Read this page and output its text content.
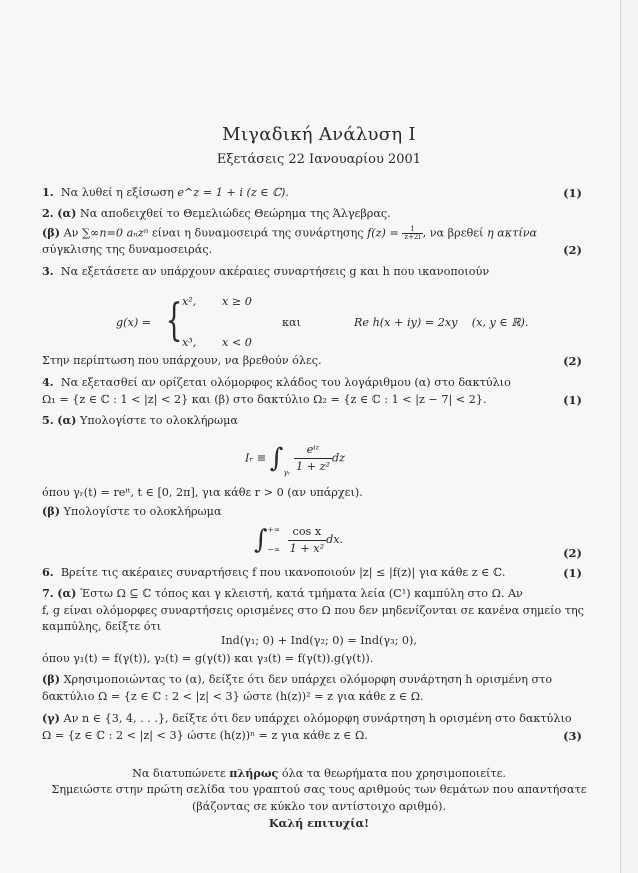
Μιγαδική Ανάλυση Ι
Εξετάσεις 22 Ιανουαρίου 2001
1. Να λυθεί η εξίσωση e^z = 1 + i (z ∈ ℂ).	(1)
2. (α) Να αποδειχθεί το Θεμελιώδες Θεώρημα της Άλγεβρας.
(β) Αν ∑∞n=0 aₙzⁿ είναι η δυναμοσειρά της συνάρτησης $f(z) = \frac{1}{z+2i}$ , να βρεθεί η ακτίνα
σύγκλισης της δυναμοσειράς.	(2)
3. Να εξετάσετε αν υπάρχουν ακέραιες συναρτήσεις g και h που ικανοποιούν
g(x) = { x², x ≥ 0
x³, x < 0
και	Re h(x + iy) = 2xy (x, y ∈ ℝ).
Στην περίπτωση που υπάρχουν, να βρεθούν όλες.	(2)
4. Να εξετασθεί αν ορίζεται ολόμορφος κλάδος του λογάριθμου (α) στο δακτύλιο
Ω₁ = {z ∈ ℂ : 1 < |z| < 2} και (β) στο δακτύλιο Ω₂ = {z ∈ ℂ : 1 < |z − 7| < 2}.	(1)
5. (α) Υπολογίστε το ολοκλήρωμα
Iᵣ ≡ $\int_{\gamma ᵣ} \frac{\text{eⁱᶻ}}{\text{1 + z²}}$ dz
όπου γᵣ(t) = reⁱᵗ, t ∈ [0, 2π], για κάθε r > 0 (αν υπάρχει).
(β) Υπολογίστε το ολοκλήρωμα
∫ +∞
−∞
$\frac{\text{cos x}}{\text{1 + x²}}$ dx.
(2)
6. Βρείτε τις ακέραιες συναρτήσεις f που ικανοποιούν |z| ≤ |f(z)| για κάθε z ∈ ℂ.	(1)
7. (α) Έστω Ω ⊆ ℂ τόπος και γ κλειστή, κατά τμήματα λεία (C¹) καμπύλη στο Ω. Αν
f, g είναι ολόμορφες συναρτήσεις ορισμένες στο Ω που δεν μηδενίζονται σε κανένα σημείο της
καμπύλης, δείξτε ότι
Ind(γ₁; 0) + Ind(γ₂; 0) = Ind(γ₃; 0),
όπου γ₁(t) = f(γ(t)), γ₂(t) = g(γ(t)) και γ₃(t) = f(γ(t)).g(γ(t)).
(β) Χρησιμοποιώντας το (α), δείξτε ότι δεν υπάρχει ολόμορφη συνάρτηση h ορισμένη στο
δακτύλιο Ω = {z ∈ ℂ : 2 < |z| < 3} ώστε (h(z))² = z για κάθε z ∈ Ω.
(γ) Αν n ∈ {3, 4, . . .}, δείξτε ότι δεν υπάρχει ολόμορφη συνάρτηση h ορισμένη στο δακτύλιο
Ω = {z ∈ ℂ : 2 < |z| < 3} ώστε (h(z))ⁿ = z για κάθε z ∈ Ω.	(3)
Να διατυπώνετε πλήρως όλα τα θεωρήματα που χρησιμοποιείτε.
Σημειώστε στην πρώτη σελίδα του γραπτού σας τους αριθμούς των θεμάτων που απαντήσατε
(βάζοντας σε κύκλο τον αντίστοιχο αριθμό).
Καλή επιτυχία!
